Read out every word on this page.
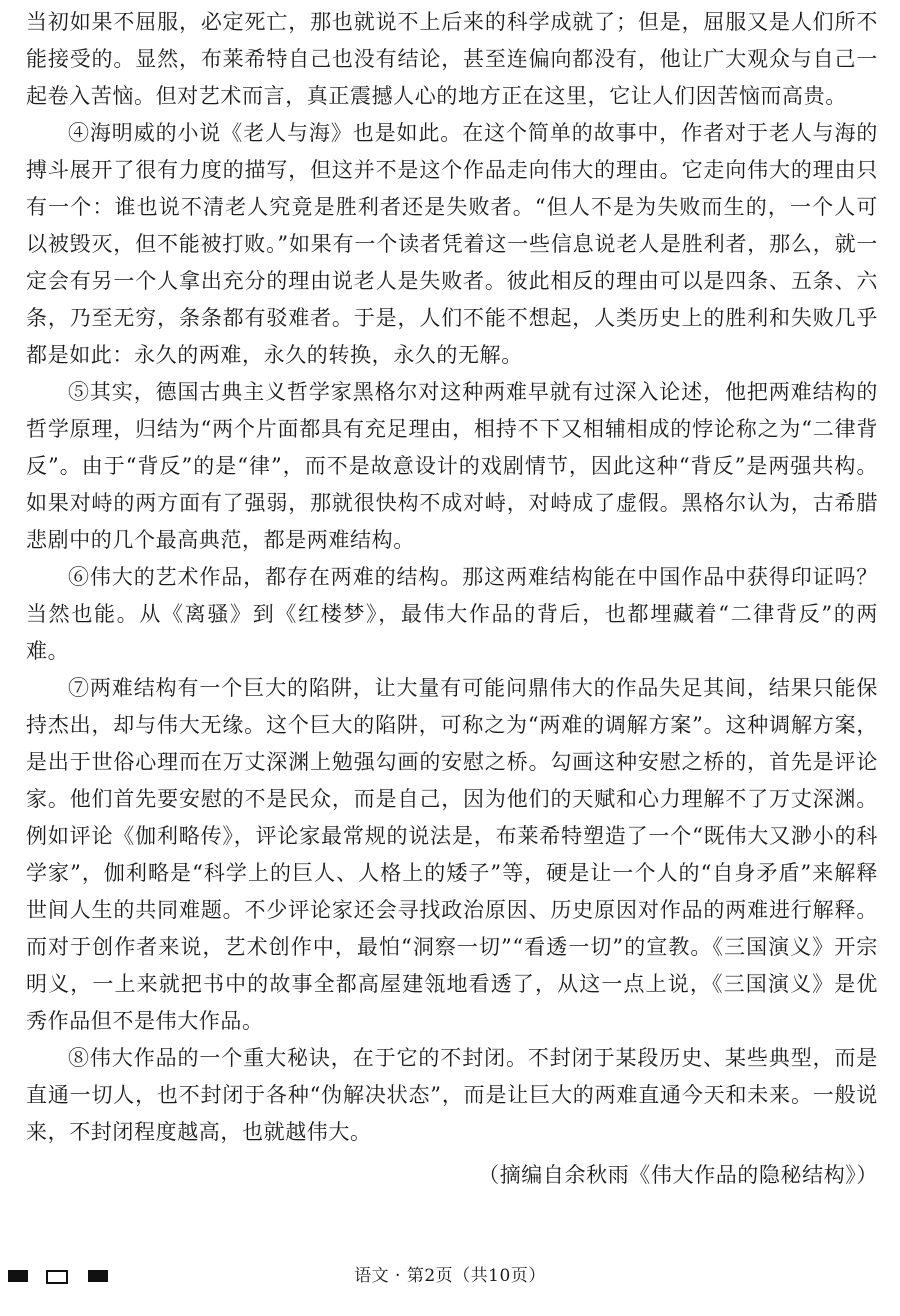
当初如果不屈服，必定死亡，那也就说不上后来的科学成就了；但是，屈服又是人们所不能接受的。显然，布莱希特自己也没有结论，甚至连偏向都没有，他让广大观众与自己一起卷入苦恼。但对艺术而言，真正震撼人心的地方正在这里，它让人们因苦恼而高贵。

④海明威的小说《老人与海》也是如此。在这个简单的故事中，作者对于老人与海的搏斗展开了很有力度的描写，但这并不是这个作品走向伟大的理由。它走向伟大的理由只有一个：谁也说不清老人究竟是胜利者还是失败者。“但人不是为失败而生的，一个人可以被毁灭，但不能被打败。”如果有一个读者凭着这一些信息说老人是胜利者，那么，就一定会有另一个人拿出充分的理由说老人是失败者。彼此相反的理由可以是四条、五条、六条，乃至无穷，条条都有驳难者。于是，人们不能不想起，人类历史上的胜利和失败几乎都是如此：永久的两难，永久的转换，永久的无解。

⑤其实，德国古典主义哲学家黑格尔对这种两难早就有过深入论述，他把两难结构的哲学原理，归结为“两个片面都具有充足理由，相持不下又相辅相成的悖论称之为“二律背反”。由于“背反”的是“律”，而不是故意设计的戏剧情节，因此这种“背反”是两强共构。如果对峙的两方面有了强弱，那就很快构不成对峙，对峙成了虚假。黑格尔认为，古希腊悲剧中的几个最高典范，都是两难结构。

⑥伟大的艺术作品，都存在两难的结构。那这两难结构能在中国作品中获得印证吗？当然也能。从《离骚》到《红楼梦》，最伟大作品的背后，也都埋藏着“二律背反”的两难。

⑦两难结构有一个巨大的陷阱，让大量有可能问鼎伟大的作品失足其间，结果只能保持杰出，却与伟大无缘。这个巨大的陷阱，可称之为“两难的调解方案”。这种调解方案，是出于世俗心理而在万丈深渊上勉强勾画的安慰之桥。勾画这种安慰之桥的，首先是评论家。他们首先要安慰的不是民众，而是自己，因为他们的天赋和心力理解不了万丈深渊。例如评论《伽利略传》，评论家最常规的说法是，布莱希特塑造了一个“既伟大又渺小的科学家”，伽利略是“科学上的巨人、人格上的矮子”等，硬是让一个人的“自身矛盾”来解释世间人生的共同难题。不少评论家还会寻找政治原因、历史原因对作品的两难进行解释。而对于创作者来说，艺术创作中，最怕“洞察一切”“看透一切”的宣教。《三国演义》开宗明义，一上来就把书中的故事全都高屋建瓴地看透了，从这一点上说，《三国演义》是优秀作品但不是伟大作品。

⑧伟大作品的一个重大秘诀，在于它的不封闭。不封闭于某段历史、某些典型，而是直通一切人，也不封闭于各种“伪解决状态”，而是让巨大的两难直通今天和未来。一般说来，不封闭程度越高，也就越伟大。

（摘编自余秋雨《伟大作品的隐秘结构》）

语文 · 第2页（共10页）
